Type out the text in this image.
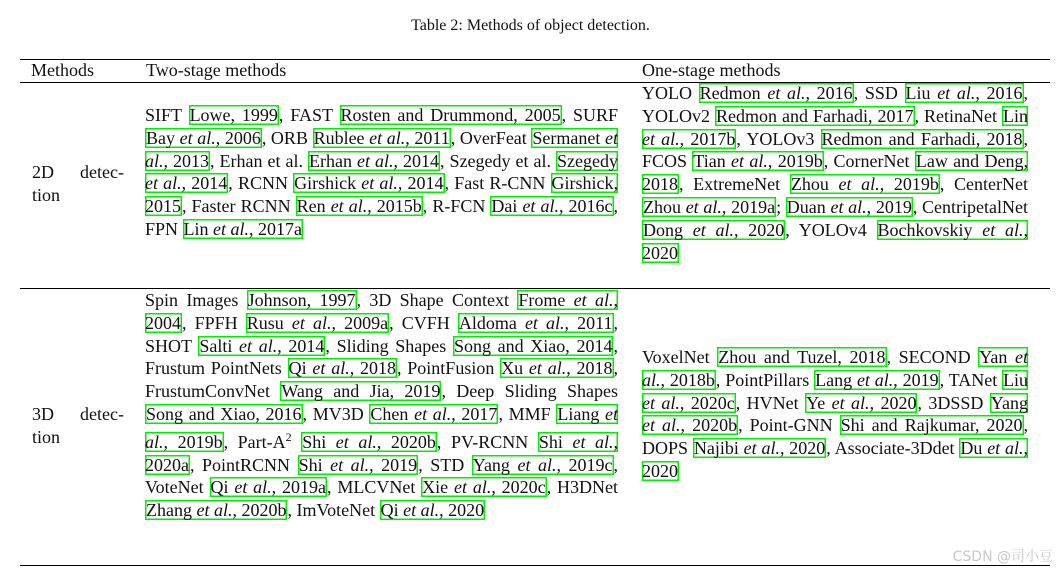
Table 2: Methods of object detection.
Methods	Two-stage methods	One-stage methods
2D detec- tion
SIFT Lowe, 1999, FAST Rosten and Drummond, 2005, SURF Bay et al., 2006, ORB Rublee et al., 2011, OverFeat Sermanet et al., 2013, Erhan et al. Erhan et al., 2014, Szegedy et al. Szegedy et al., 2014, RCNN Girshick et al., 2014, Fast R-CNN Girshick, 2015, Faster RCNN Ren et al., 2015b, R-FCN Dai et al., 2016c, FPN Lin et al., 2017a
YOLO Redmon et al., 2016, SSD Liu et al., 2016, YOLOv2 Redmon and Farhadi, 2017, RetinaNet Lin et al., 2017b, YOLOv3 Redmon and Farhadi, 2018, FCOS Tian et al., 2019b, CornerNet Law and Deng, 2018, ExtremeNet Zhou et al., 2019b, CenterNet Zhou et al., 2019a; Duan et al., 2019, CentripetalNet Dong et al., 2020, YOLOv4 Bochkovskiy et al., 2020
3D detec- tion
Spin Images Johnson, 1997, 3D Shape Context Frome et al., 2004, FPFH Rusu et al., 2009a, CVFH Aldoma et al., 2011, SHOT Salti et al., 2014, Sliding Shapes Song and Xiao, 2014, Frustum PointNets Qi et al., 2018, PointFusion Xu et al., 2018, FrustumConvNet Wang and Jia, 2019, Deep Sliding Shapes Song and Xiao, 2016, MV3D Chen et al., 2017, MMF Liang et al., 2019b, Part-$A^2$ Shi et al., 2020b, PV-RCNN Shi et al., 2020a, PointRCNN Shi et al., 2019, STD Yang et al., 2019c, VoteNet Qi et al., 2019a, MLCVNet Xie et al., 2020c, H3DNet Zhang et al., 2020b, ImVoteNet Qi et al., 2020
VoxelNet Zhou and Tuzel, 2018, SECOND Yan et al., 2018b, PointPillars Lang et al., 2019, TANet Liu et al., 2020c, HVNet Ye et al., 2020, 3DSSD Yang et al., 2020b, Point-GNN Shi and Rajkumar, 2020, DOPS Najibi et al., 2020, Associate-3Ddet Du et al., 2020
CSDN @司小豆
